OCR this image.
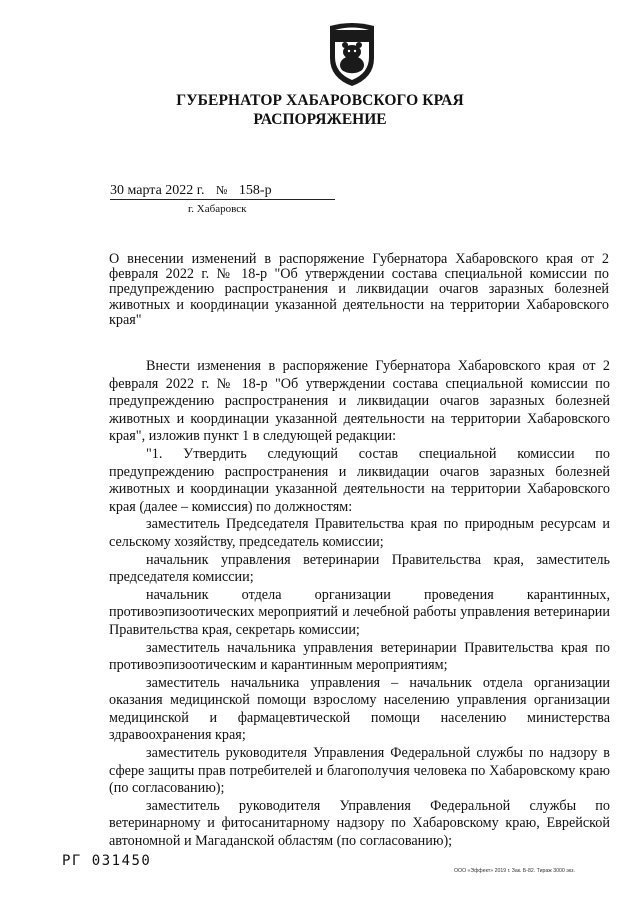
ГУБЕРНАТОР ХАБАРОВСКОГО КРАЯ
РАСПОРЯЖЕНИЕ
30 марта 2022 г. № 158-р
г. Хабаровск
О внесении изменений в распоряжение Губернатора Хабаровского края от 2 февраля 2022 г. № 18-р "Об утверждении состава специальной комиссии по предупреждению распространения и ликвидации очагов заразных болезней животных и координации указанной деятельности на территории Хабаровского края"

Внести изменения в распоряжение Губернатора Хабаровского края от 2 февраля 2022 г. № 18-р "Об утверждении состава специальной комиссии по предупреждению распространения и ликвидации очагов заразных болезней животных и координации указанной деятельности на территории Хабаровского края", изложив пункт 1 в следующей редакции:

"1. Утвердить следующий состав специальной комиссии по предупреждению распространения и ликвидации очагов заразных болезней животных и координации указанной деятельности на территории Хабаровского края (далее – комиссия) по должностям:

заместитель Председателя Правительства края по природным ресурсам и сельскому хозяйству, председатель комиссии;

начальник управления ветеринарии Правительства края, заместитель председателя комиссии;

начальник отдела организации проведения карантинных, противоэпизоотических мероприятий и лечебной работы управления ветеринарии Правительства края, секретарь комиссии;

заместитель начальника управления ветеринарии Правительства края по противоэпизоотическим и карантинным мероприятиям;

заместитель начальника управления – начальник отдела организации оказания медицинской помощи взрослому населению управления организации медицинской и фармацевтической помощи населению министерства здравоохранения края;

заместитель руководителя Управления Федеральной службы по надзору в сфере защиты прав потребителей и благополучия человека по Хабаровскому краю (по согласованию);

заместитель руководителя Управления Федеральной службы по ветеринарному и фитосанитарному надзору по Хабаровскому краю, Еврейской автономной и Магаданской областям (по согласованию);

РГ 031450
ООО «Эффект» 2019 г. Зак. Б-82. Тираж 3000 экз.
